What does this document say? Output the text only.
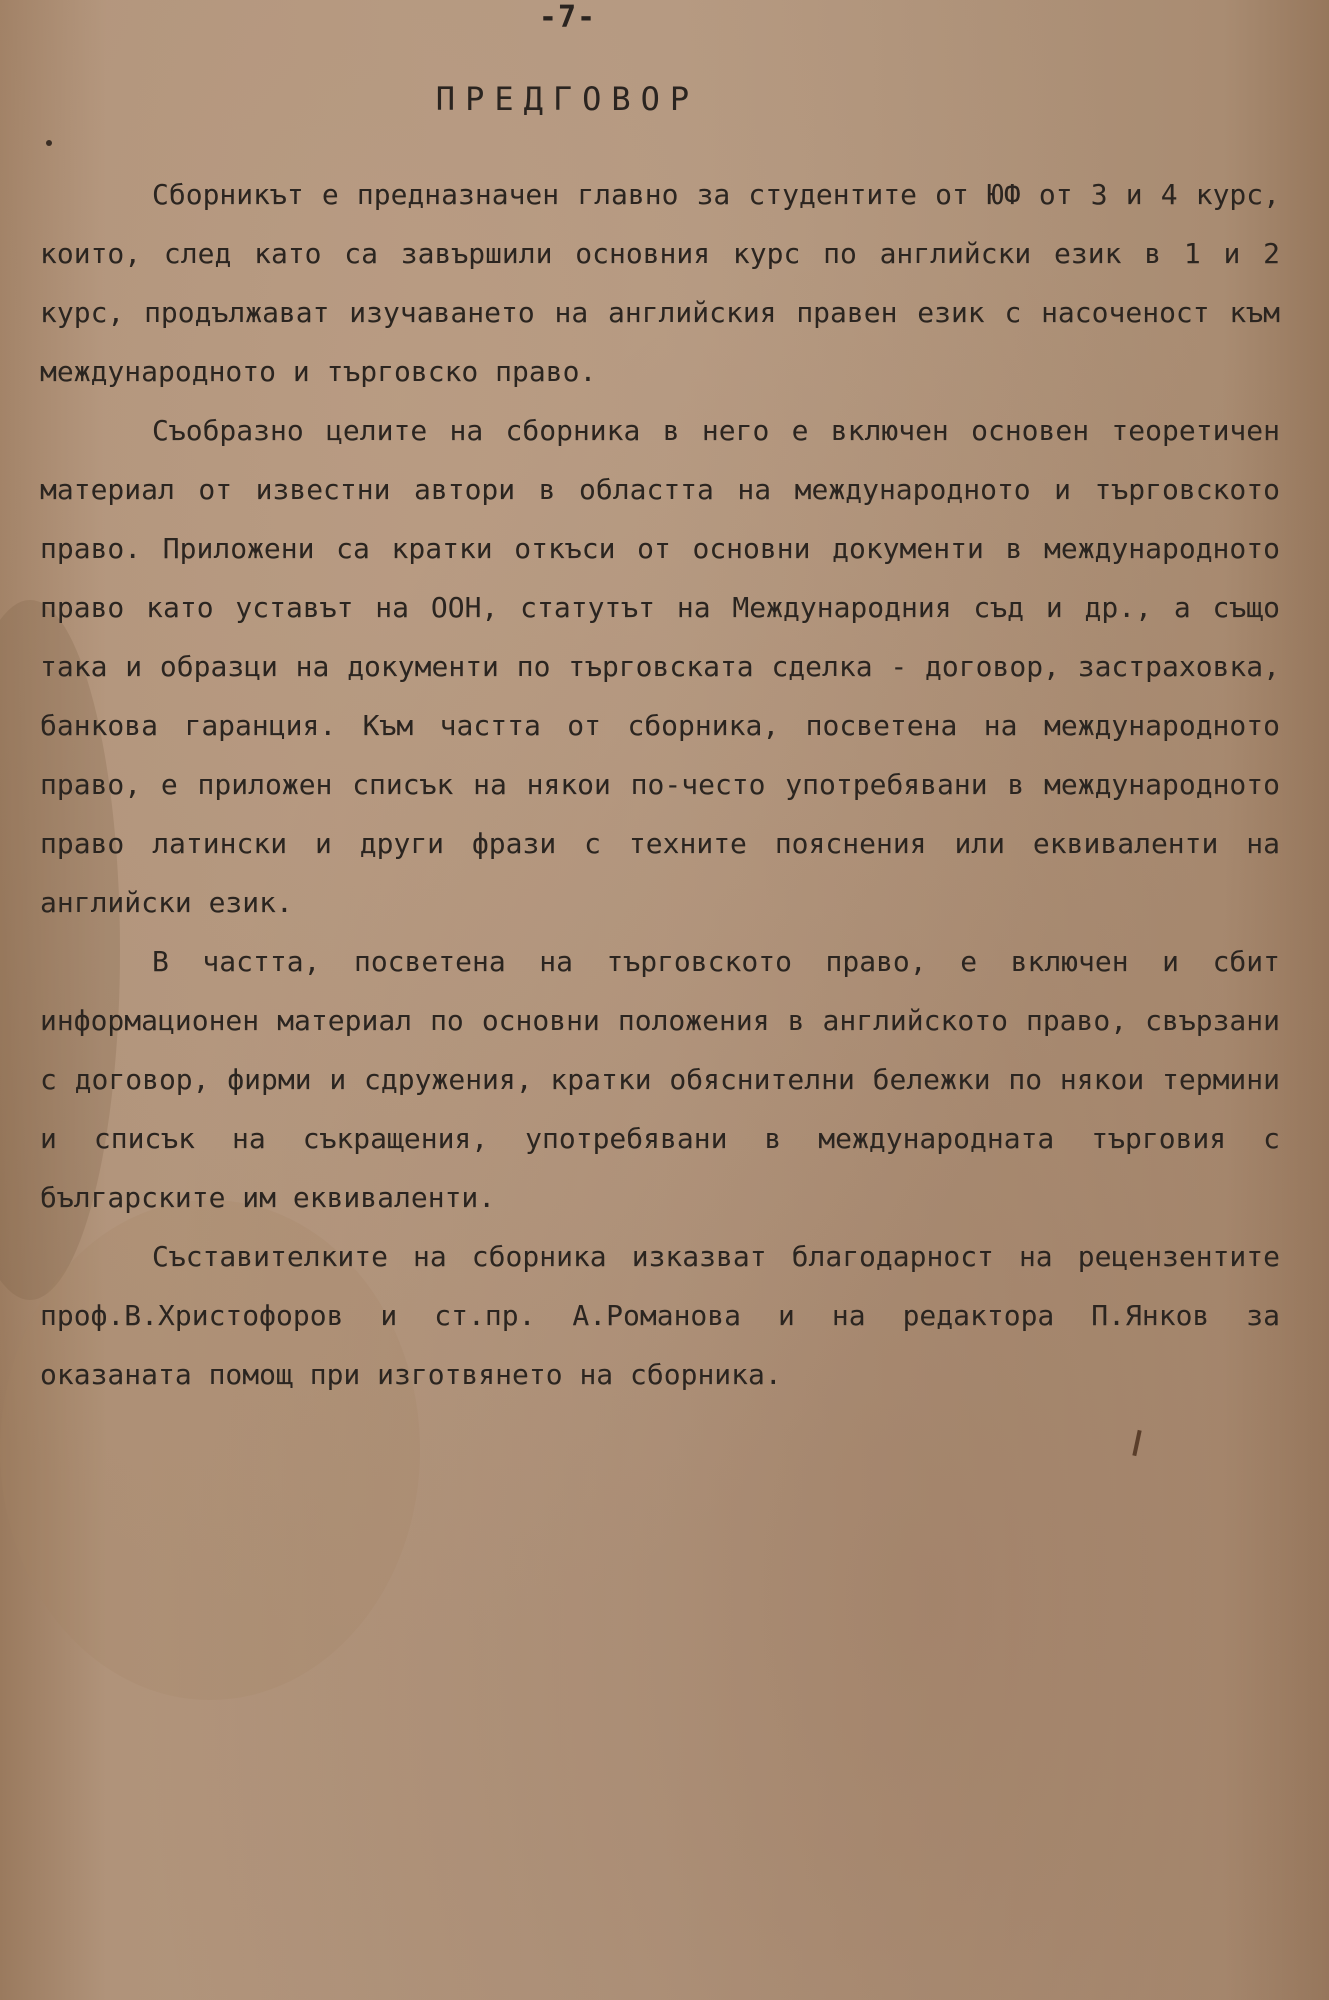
-7-
ПРЕДГОВОР

Сборникът е предназначен главно за студентите от ЮФ от 3 и 4 курс, които, след като са завършили основния курс по английски език в 1 и 2 курс, продължават изучаването на английския правен език с насоченост към международното и търговско право.

Съобразно целите на сборника в него е включен основен теоретичен материал от известни автори в областта на международното и търговското право. Приложени са кратки откъси от основни документи в международното право като уставът на ООН, статутът на Международния съд и др., а също така и образци на документи по търговската сделка - договор, застраховка, банкова гаранция. Към частта от сборника, посветена на международното право, е приложен списък на някои по-често употребявани в международното право латински и други фрази с техните пояснения или еквиваленти на английски език.

В частта, посветена на търговското право, е включен и сбит информационен материал по основни положения в английското право, свързани с договор, фирми и сдружения, кратки обяснителни бележки по някои термини и списък на съкращения, употребявани в международната търговия с българските им еквиваленти.

Съставителките на сборника изказват благодарност на рецензентите проф.В.Христофоров и ст.пр. А.Романова и на редактора П.Янков за оказаната помощ при изготвянето на сборника.
